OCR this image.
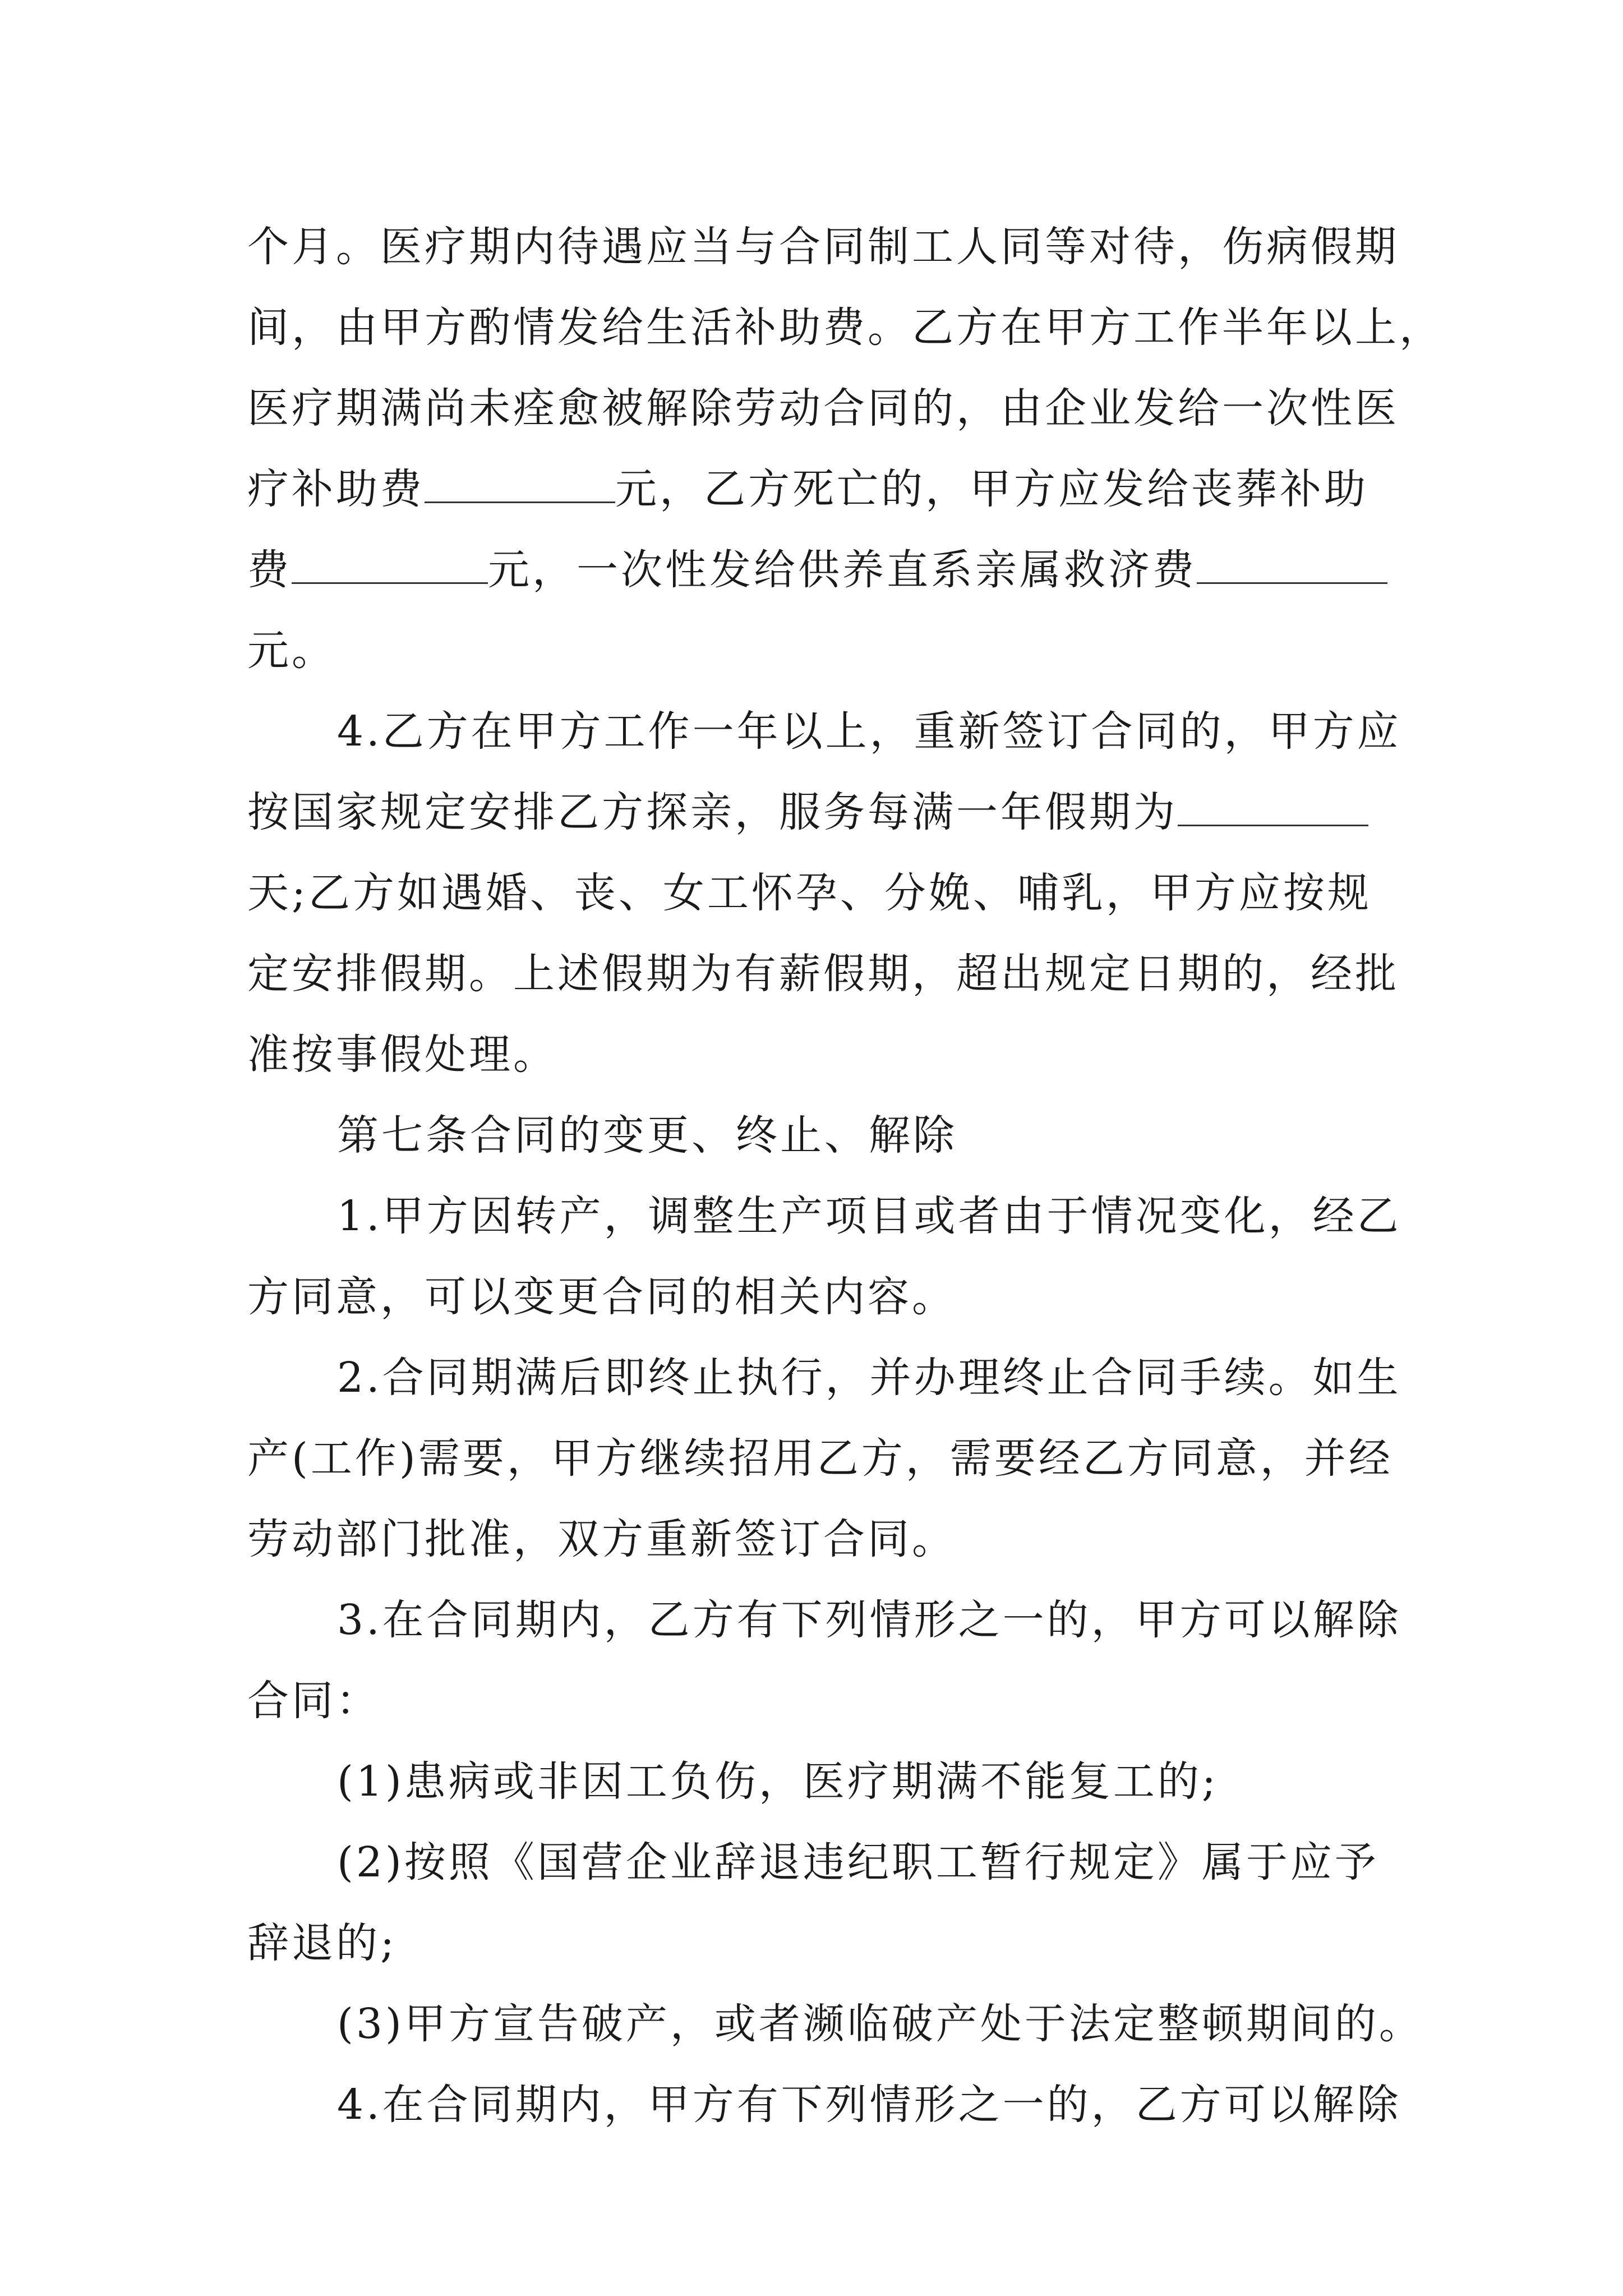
个月。医疗期内待遇应当与合同制工人同等对待，伤病假期
间，由甲方酌情发给生活补助费。乙方在甲方工作半年以上，
医疗期满尚未痊愈被解除劳动合同的，由企业发给一次性医
疗补助费	元，乙方死亡的，甲方应发给丧葬补助
费	元，一次性发给供养直系亲属救济费
元。
4.乙方在甲方工作一年以上，重新签订合同的，甲方应
按国家规定安排乙方探亲，服务每满一年假期为
天;乙方如遇婚、丧、女工怀孕、分娩、哺乳，甲方应按规
定安排假期。上述假期为有薪假期，超出规定日期的，经批
准按事假处理。
第七条合同的变更、终止、解除
1.甲方因转产，调整生产项目或者由于情况变化，经乙
方同意，可以变更合同的相关内容。
2.合同期满后即终止执行，并办理终止合同手续。如生
产(工作)需要，甲方继续招用乙方，需要经乙方同意，并经
劳动部门批准，双方重新签订合同。
3.在合同期内，乙方有下列情形之一的，甲方可以解除
合同：
(1)患病或非因工负伤，医疗期满不能复工的;
(2)按照《国营企业辞退违纪职工暂行规定》属于应予
辞退的;
(3)甲方宣告破产，或者濒临破产处于法定整顿期间的。
4.在合同期内，甲方有下列情形之一的，乙方可以解除
